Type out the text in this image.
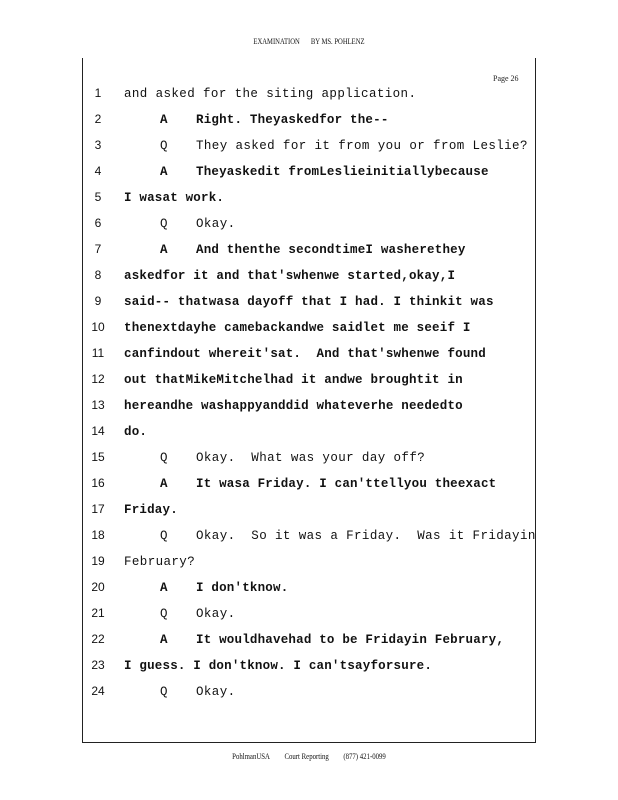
EXAMINATION BY MS. POHLENZ
Page 26
1	and asked for the siting application.
2	A Right. Theyaskedfor the--
3	Q They asked for it from you or from Leslie?
4	A Theyaskedit fromLeslieinitiallybecause
5	I wasat work.
6	Q Okay.
7	A And thenthe secondtimeI washerethey
8	askedfor it and that'swhenwe started,okay,I
9	said-- thatwasa dayoff that I had. I thinkit was
10 thenextdayhe camebackandwe saidlet me seeif I
11	canfindout whereit'sat.  And that'swhenwe found
12 out thatMikeMitchelhad it andwe broughtit in
13 hereandhe washappyanddid whateverhe neededto
14 do.
15	Q Okay.  What was your day off?
16	A It wasa Friday. I can'ttellyou theexact
17 Friday.
18	Q Okay.  So it was a Friday.  Was it Fridayin
19 February?
20	A I don'tknow.
21	Q Okay.
22	A It wouldhavehad to be Fridayin February,
23 I guess. I don'tknow. I can'tsayforsure.
24	Q Okay.
PohlmanUSA Court Reporting (877) 421-0099
